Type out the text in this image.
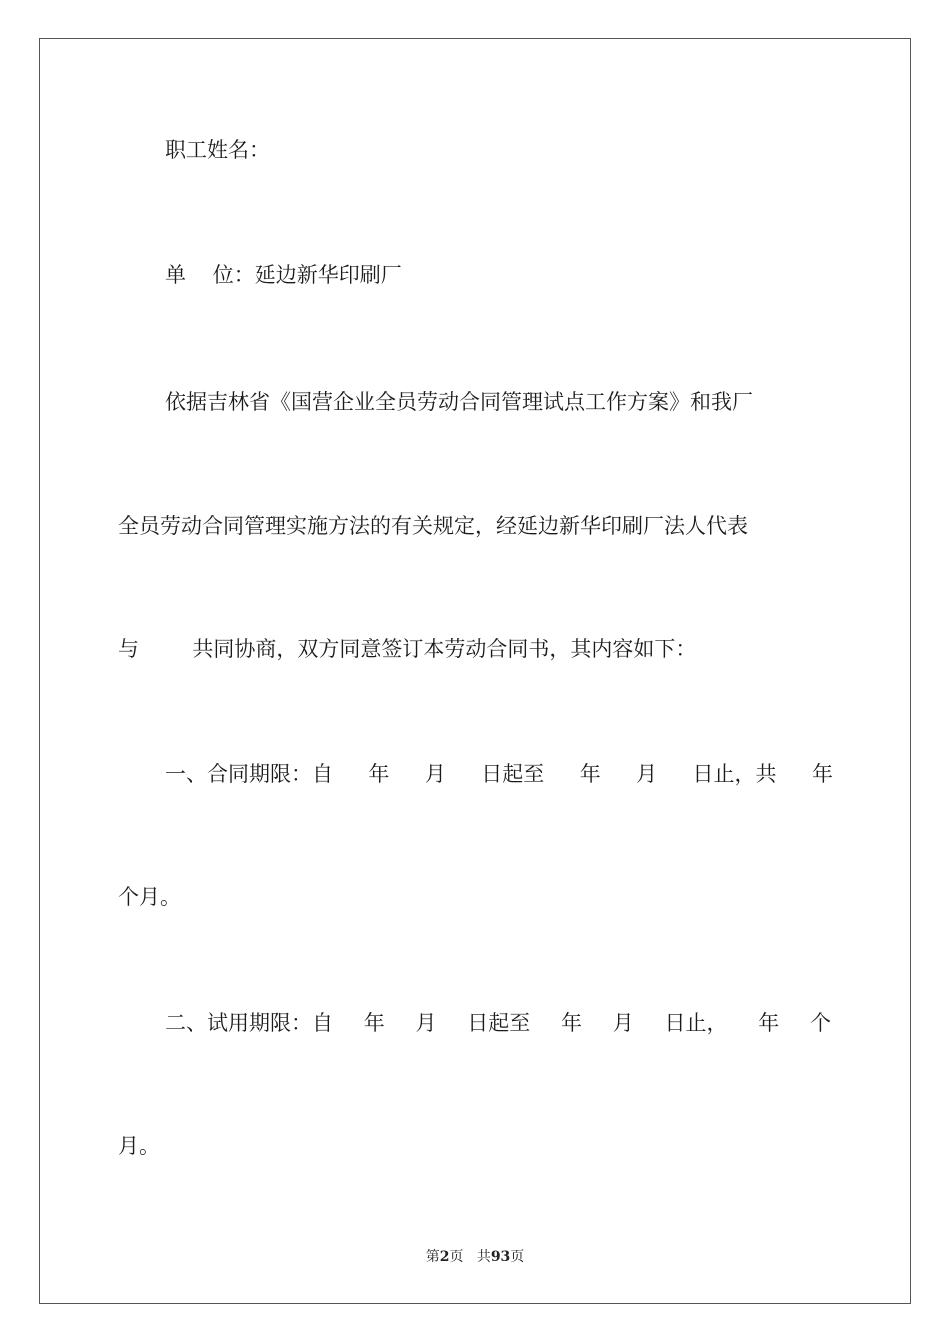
职工姓名：

单    位：延边新华印刷厂

依据吉林省《国营企业全员劳动合同管理试点工作方案》和我厂

全员劳动合同管理实施方法的有关规定，经延边新华印刷厂法人代表

与        共同协商，双方同意签订本劳动合同书，其内容如下：

一、合同期限：自 年 月 日起至 年 月 日止，共 年

个月。

二、试用期限：自 年 月 日起至 年 月 日止， 年 个

月。

第2页 共93页
